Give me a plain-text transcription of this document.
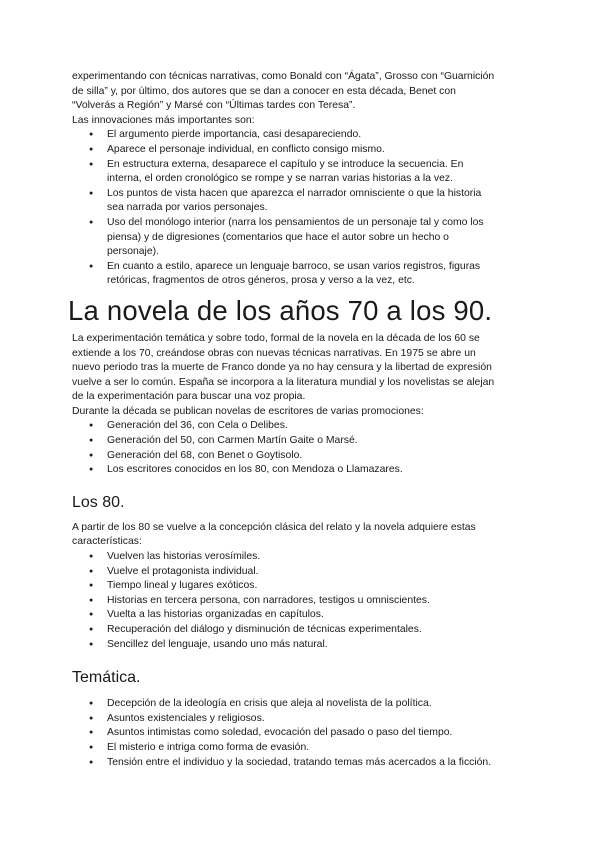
experimentando con técnicas narrativas, como Bonald con “Ágata”, Grosso con “Guarnición
de silla” y, por último, dos autores que se dan a conocer en esta década, Benet con
“Volverás a Región” y Marsé con “Últimas tardes con Teresa”.

Las innovaciones más importantes son:

● El argumento pierde importancia, casi desapareciendo.
● Aparece el personaje individual, en conflicto consigo mismo.
● En estructura externa, desaparece el capítulo y se introduce la secuencia. En
interna, el orden cronológico se rompe y se narran varias historias a la vez.
● Los puntos de vista hacen que aparezca el narrador omnisciente o que la historia
sea narrada por varios personajes.
● Uso del monólogo interior (narra los pensamientos de un personaje tal y como los
piensa) y de digresiones (comentarios que hace el autor sobre un hecho o
personaje).
● En cuanto a estilo, aparece un lenguaje barroco, se usan varios registros, figuras
retóricas, fragmentos de otros géneros, prosa y verso a la vez, etc.
La novela de los años 70 a los 90.

La experimentación temática y sobre todo, formal de la novela en la década de los 60 se
extiende a los 70, creándose obras con nuevas técnicas narrativas. En 1975 se abre un
nuevo periodo tras la muerte de Franco donde ya no hay censura y la libertad de expresión
vuelve a ser lo común. España se incorpora a la literatura mundial y los novelistas se alejan
de la experimentación para buscar una voz propia.

Durante la década se publican novelas de escritores de varias promociones:

● Generación del 36, con Cela o Delibes.
● Generación del 50, con Carmen Martín Gaite o Marsé.
● Generación del 68, con Benet o Goytisolo.
● Los escritores conocidos en los 80, con Mendoza o Llamazares.
Los 80.

A partir de los 80 se vuelve a la concepción clásica del relato y la novela adquiere estas
características:

● Vuelven las historias verosímiles.
● Vuelve el protagonista individual.
● Tiempo lineal y lugares exóticos.
● Historias en tercera persona, con narradores, testigos u omniscientes.
● Vuelta a las historias organizadas en capítulos.
● Recuperación del diálogo y disminución de técnicas experimentales.
● Sencillez del lenguaje, usando uno más natural.
Temática.
● Decepción de la ideología en crisis que aleja al novelista de la política.
● Asuntos existenciales y religiosos.
● Asuntos intimistas como soledad, evocación del pasado o paso del tiempo.
● El misterio e intriga como forma de evasión.
● Tensión entre el individuo y la sociedad, tratando temas más acercados a la ficción.
